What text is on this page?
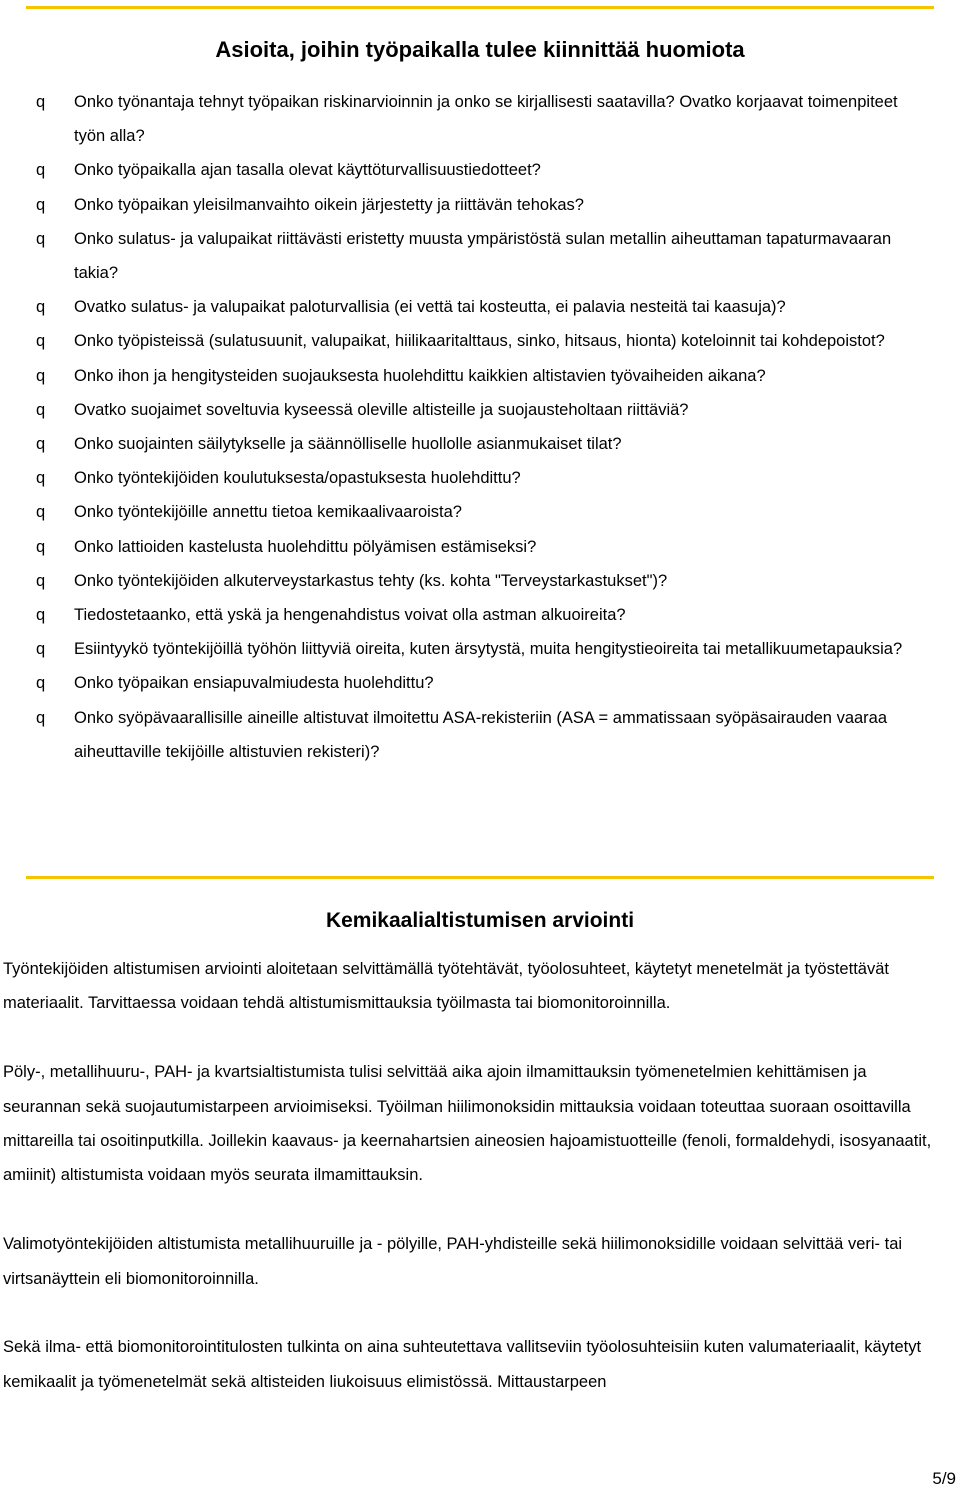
Asioita, joihin työpaikalla tulee kiinnittää huomiota
q Onko työnantaja tehnyt työpaikan riskinarvioinnin ja onko se kirjallisesti saatavilla? Ovatko korjaavat toimenpiteet työn alla?
q Onko työpaikalla ajan tasalla olevat käyttöturvallisuustiedotteet?
q Onko työpaikan yleisilmanvaihto oikein järjestetty ja riittävän tehokas?
q Onko sulatus- ja valupaikat riittävästi eristetty muusta ympäristöstä sulan metallin aiheuttaman tapaturmavaaran takia?
q Ovatko sulatus- ja valupaikat paloturvallisia (ei vettä tai kosteutta, ei palavia nesteitä tai kaasuja)?
q Onko työpisteissä (sulatusuunit, valupaikat, hiilikaaritalttaus, sinko, hitsaus, hionta) koteloinnit tai kohdepoistot?
q Onko ihon ja hengitysteiden suojauksesta huolehdittu kaikkien altistavien työvaiheiden aikana?
q Ovatko suojaimet soveltuvia kyseessä oleville altisteille ja suojausteholtaan riittäviä?
q Onko suojainten säilytykselle ja säännölliselle huollolle asianmukaiset tilat?
q Onko työntekijöiden koulutuksesta/opastuksesta huolehdittu?
q Onko työntekijöille annettu tietoa kemikaalivaaroista?
q Onko lattioiden kastelusta huolehdittu pölyämisen estämiseksi?
q Onko työntekijöiden alkuterveystarkastus tehty (ks. kohta "Terveystarkastukset")?
q Tiedostetaanko, että yskä ja hengenahdistus voivat olla astman alkuoireita?
q Esiintyykö työntekijöillä työhön liittyviä oireita, kuten ärsytystä, muita hengitystieoireita tai metallikuumetapauksia?
q Onko työpaikan ensiapuvalmiudesta huolehdittu?
q Onko syöpävaarallisille aineille altistuvat ilmoitettu ASA-rekisteriin (ASA = ammatissaan syöpäsairauden vaaraa aiheuttaville tekijöille altistuvien rekisteri)?
Kemikaalialtistumisen arviointi

Työntekijöiden altistumisen arviointi aloitetaan selvittämällä työtehtävät, työolosuhteet, käytetyt menetelmät ja työstettävät materiaalit. Tarvittaessa voidaan tehdä altistumismittauksia työilmasta tai biomonitoroinnilla.

Pöly-, metallihuuru-, PAH- ja kvartsialtistumista tulisi selvittää aika ajoin ilmamittauksin työmenetelmien kehittämisen ja seurannan sekä suojautumistarpeen arvioimiseksi. Työilman hiilimonoksidin mittauksia voidaan toteuttaa suoraan osoittavilla mittareilla tai osoitinputkilla. Joillekin kaavaus- ja keernahartsien aineosien hajoamistuotteille (fenoli, formaldehydi, isosyanaatit, amiinit) altistumista voidaan myös seurata ilmamittauksin.

Valimotyöntekijöiden altistumista metallihuuruille ja - pölyille, PAH-yhdisteille sekä hiilimonoksidille voidaan selvittää veri- tai virtsanäyttein eli biomonitoroinnilla.

Sekä ilma- että biomonitorointitulosten tulkinta on aina suhteutettava vallitseviin työolosuhteisiin kuten valumateriaalit, käytetyt kemikaalit ja työmenetelmät sekä altisteiden liukoisuus elimistössä. Mittaustarpeen

5/9
